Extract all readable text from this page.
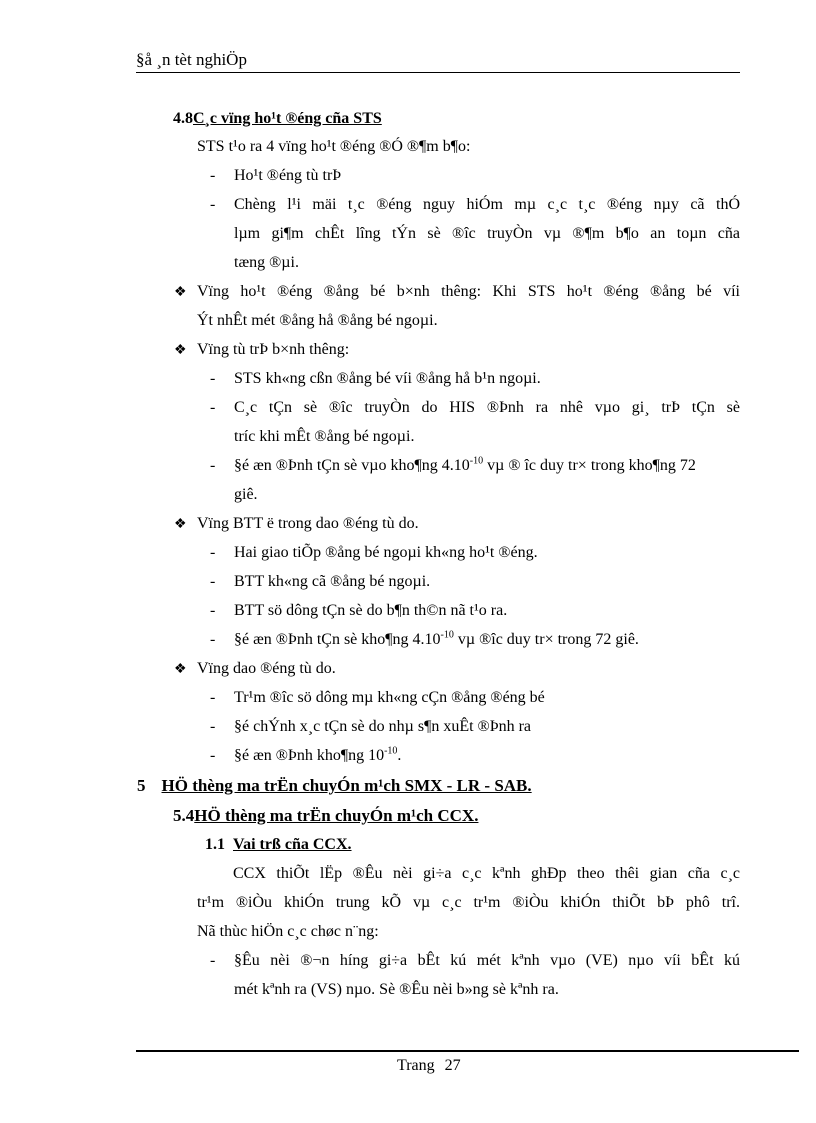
§å ¸n tèt nghiÖp
4.8C¸c vïng ho¹t ®éng cña STS
STS t¹o ra 4 vïng ho¹t ®éng ®Ó ®¶m b¶o:
- Ho¹t ®éng tù trÞ
- Chèng l¹i mäi t¸c ®éng nguy hiÓm mµ c¸c t¸c ®éng nµy cã thÓ
lµm gi¶m chÊt lîng tÝn sè ®îc truyÒn vµ ®¶m b¶o an toµn cña
tæng ®µi.
❖ Vïng ho¹t ®éng ®ång bé b×nh thêng: Khi STS ho¹t ®éng ®ång bé víi
Ýt nhÊt mét ®ång hå ®ång bé ngoµi.
❖ Vïng tù trÞ b×nh thêng:
- STS kh«ng cßn ®ång bé víi ®ång hå b¹n ngoµi.
- C¸c tÇn sè ®îc truyÒn do HIS ®Þnh ra nhê vµo gi¸ trÞ tÇn sè
tríc khi mÊt ®ång bé ngoµi.
- §é æn ®Þnh tÇn sè vµo kho¶ng $4.10^{-10}$ vµ ® îc duy tr× trong kho¶ng 72
giê.
❖ Vïng BTT ë trong dao ®éng tù do.
- Hai giao tiÕp ®ång bé ngoµi kh«ng ho¹t ®éng.
- BTT kh«ng cã ®ång bé ngoµi.
- BTT sö dông tÇn sè do b¶n th©n nã t¹o ra.
- §é æn ®Þnh tÇn sè kho¶ng $4.10^{-10}$ vµ ®îc duy tr× trong 72 giê.
❖ Vïng dao ®éng tù do.
- Tr¹m ®îc sö dông mµ kh«ng cÇn ®ång ®éng bé
- §é chÝnh x¸c tÇn sè do nhµ s¶n xuÊt ®Þnh ra
- §é æn ®Þnh kho¶ng $10^{-10}$.
5 HÖ thèng ma trËn chuyÓn m¹ch SMX - LR - SAB.
5.4HÖ thèng ma trËn chuyÓn m¹ch CCX.
1.1 Vai trß cña CCX.
CCX thiÕt lËp ®Êu nèi gi÷a c¸c kªnh ghÐp theo thêi gian cña c¸c
tr¹m ®iÒu khiÓn trung kÕ vµ c¸c tr¹m ®iÒu khiÓn thiÕt bÞ phô trî.
Nã thùc hiÖn c¸c chøc n¨ng:
- §Êu nèi ®¬n híng gi÷a bÊt kú mét kªnh vµo (VE) nµo víi bÊt kú
mét kªnh ra (VS) nµo. Sè ®Êu nèi b»ng sè kªnh ra.
Trang 27
